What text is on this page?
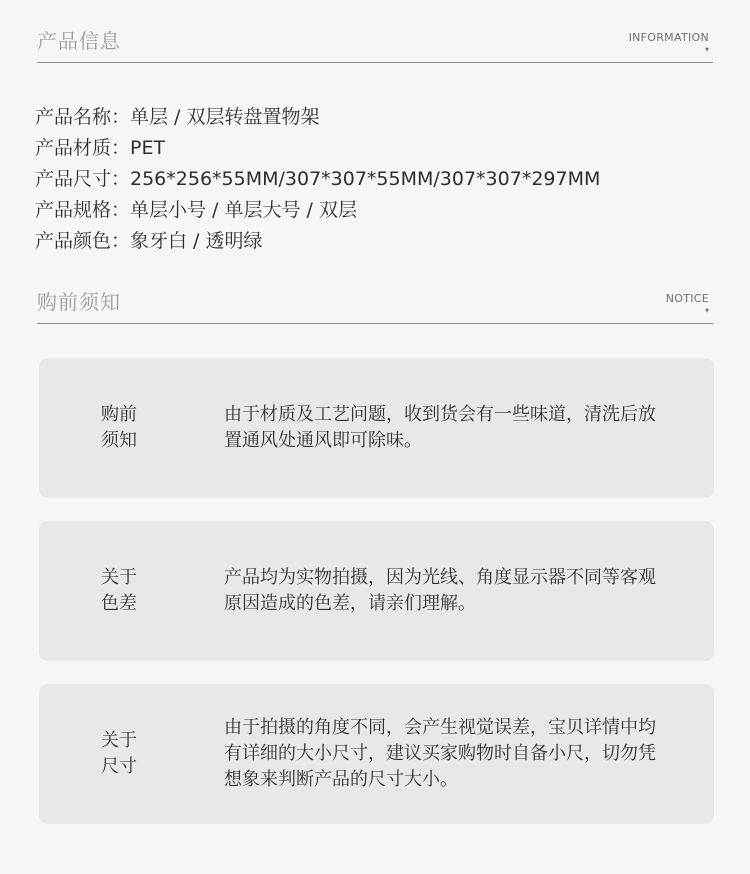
产品信息	INFORMATION
▼
产品名称：单层 / 双层转盘置物架
产品材质：PET
产品尺寸：256*256*55MM/307*307*55MM/307*307*297MM
产品规格：单层小号 / 单层大号 / 双层
产品颜色：象牙白 / 透明绿
购前须知	NOTICE
▼
购前
须知
由于材质及工艺问题，收到货会有一些味道，清洗后放置通风处通风即可除味。
关于
色差
产品均为实物拍摄，因为光线、角度显示器不同等客观原因造成的色差，请亲们理解。
关于
尺寸
由于拍摄的角度不同，会产生视觉误差，宝贝详情中均有详细的大小尺寸，建议买家购物时自备小尺，切勿凭想象来判断产品的尺寸大小。
